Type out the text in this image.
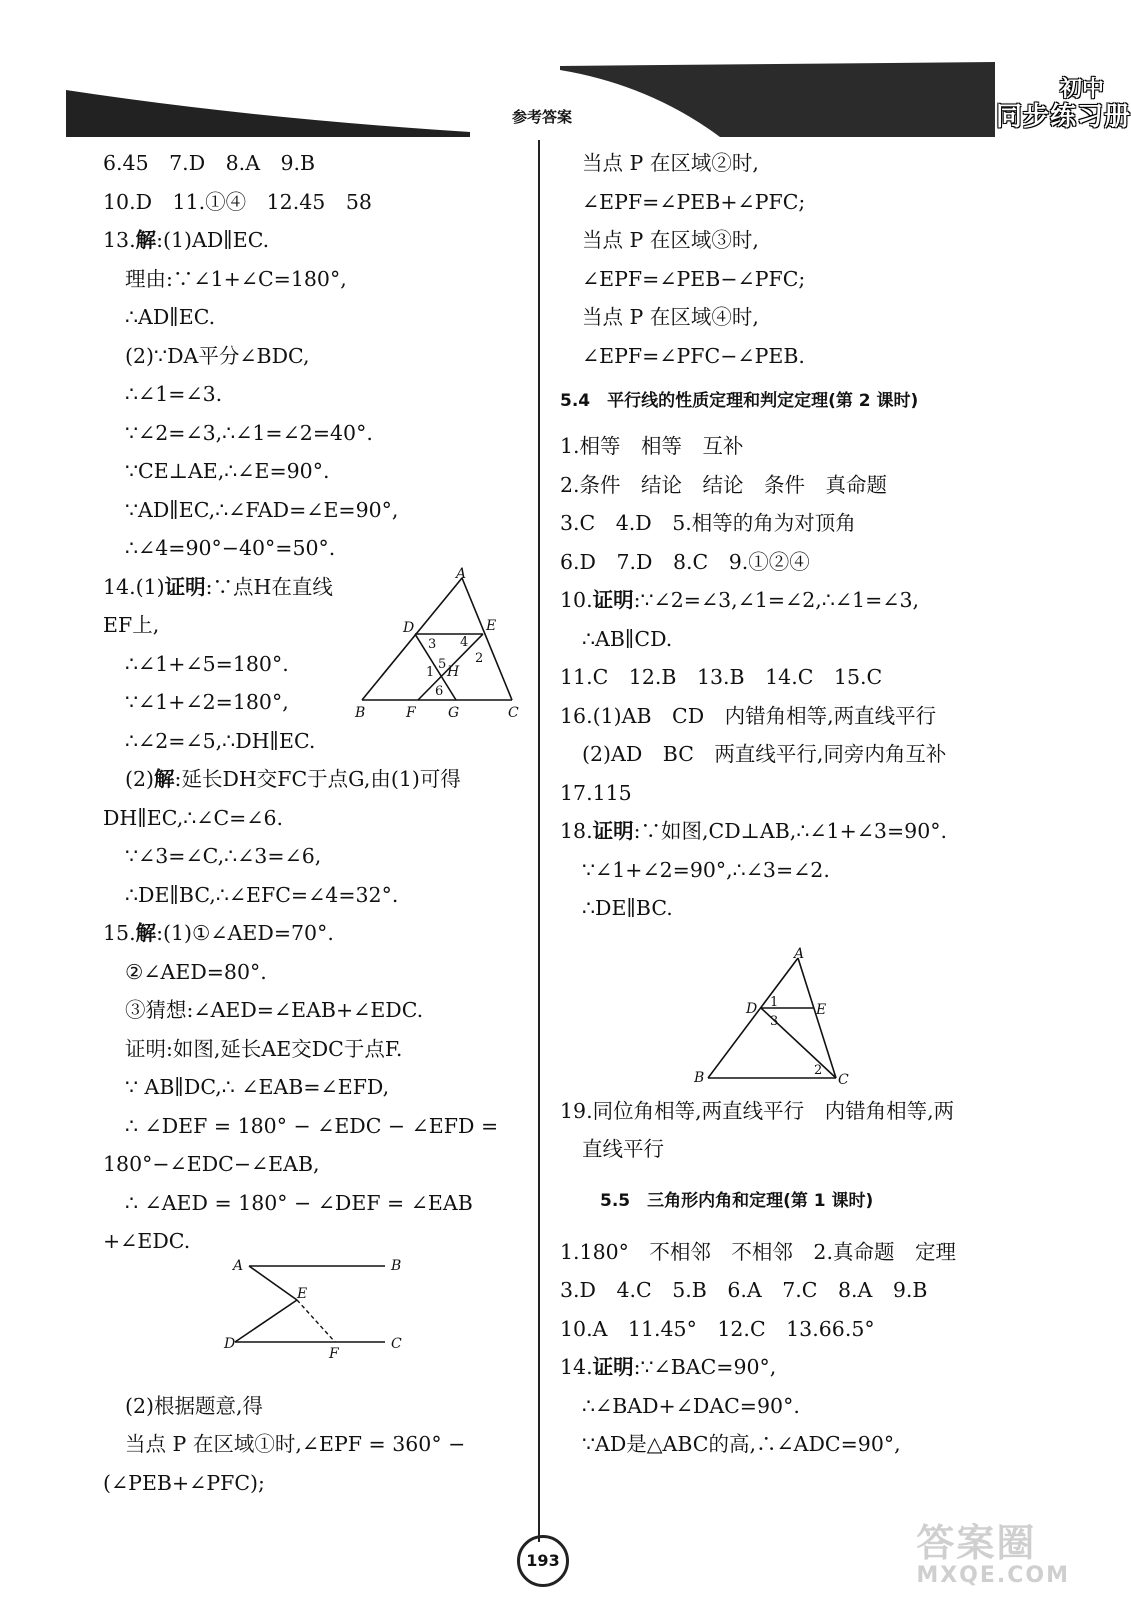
参考答案
初中
同步练习册
6.45　7.D　8.A　9.B
10.D　11.①④　12.45　58
13.解:(1)AD∥EC.
理由:∵∠1+∠C=180°,
∴AD∥EC.
(2)∵DA平分∠BDC,
∴∠1=∠3.
∵∠2=∠3,∴∠1=∠2=40°.
∵CE⊥AE,∴∠E=90°.
∵AD∥EC,∴∠FAD=∠E=90°,
∴∠4=90°−40°=50°.
14.(1)证明:∵点H在直线
EF上,
∴∠1+∠5=180°.
∵∠1+∠2=180°,
∴∠2=∠5,∴DH∥EC.
(2)解:延长DH交FC于点G,由(1)可得
DH∥EC,∴∠C=∠6.
∵∠3=∠C,∴∠3=∠6,
∴DE∥BC,∴∠EFC=∠4=32°.
15.解:(1)①∠AED=70°.
②∠AED=80°.
③猜想:∠AED=∠EAB+∠EDC.
证明:如图,延长AE交DC于点F.
∵ AB∥DC,∴ ∠EAB=∠EFD,
∴ ∠DEF = 180° − ∠EDC − ∠EFD =
180°−∠EDC−∠EAB,
∴ ∠AED = 180° − ∠DEF = ∠EAB
+∠EDC.
(2)根据题意,得
当点 P 在区域①时,∠EPF = 360° −
(∠PEB+∠PFC);
A
D	E
B	F G	C
H
3 4
2
1
5
6
A	B
E
D	C
F
当点 P 在区域②时,
∠EPF=∠PEB+∠PFC;
当点 P 在区域③时,
∠EPF=∠PEB−∠PFC;
当点 P 在区域④时,
∠EPF=∠PFC−∠PEB.
5.4　平行线的性质定理和判定定理(第 2 课时)
1.相等　相等　互补
2.条件　结论　结论　条件　真命题
3.C　4.D　5.相等的角为对顶角
6.D　7.D　8.C　9.①②④
10.证明:∵∠2=∠3,∠1=∠2,∴∠1=∠3,
∴AB∥CD.
11.C　12.B　13.B　14.C　15.C
16.(1)AB　CD　内错角相等,两直线平行
(2)AD　BC　两直线平行,同旁内角互补
17.115
18.证明:∵如图,CD⊥AB,∴∠1+∠3=90°.
∵∠1+∠2=90°,∴∠3=∠2.
∴DE∥BC.
19.同位角相等,两直线平行　内错角相等,两
直线平行
5.5　三角形内角和定理(第 1 课时)
1.180°　不相邻　不相邻　2.真命题　定理
3.D　4.C　5.B　6.A　7.C　8.A　9.B
10.A　11.45°　12.C　13.66.5°
14.证明:∵∠BAC=90°,
∴∠BAD+∠DAC=90°.
∵AD是△ABC的高,∴∠ADC=90°,
A
D	E
B	C
1
3
2
193	答案圈
MXQE.COM
